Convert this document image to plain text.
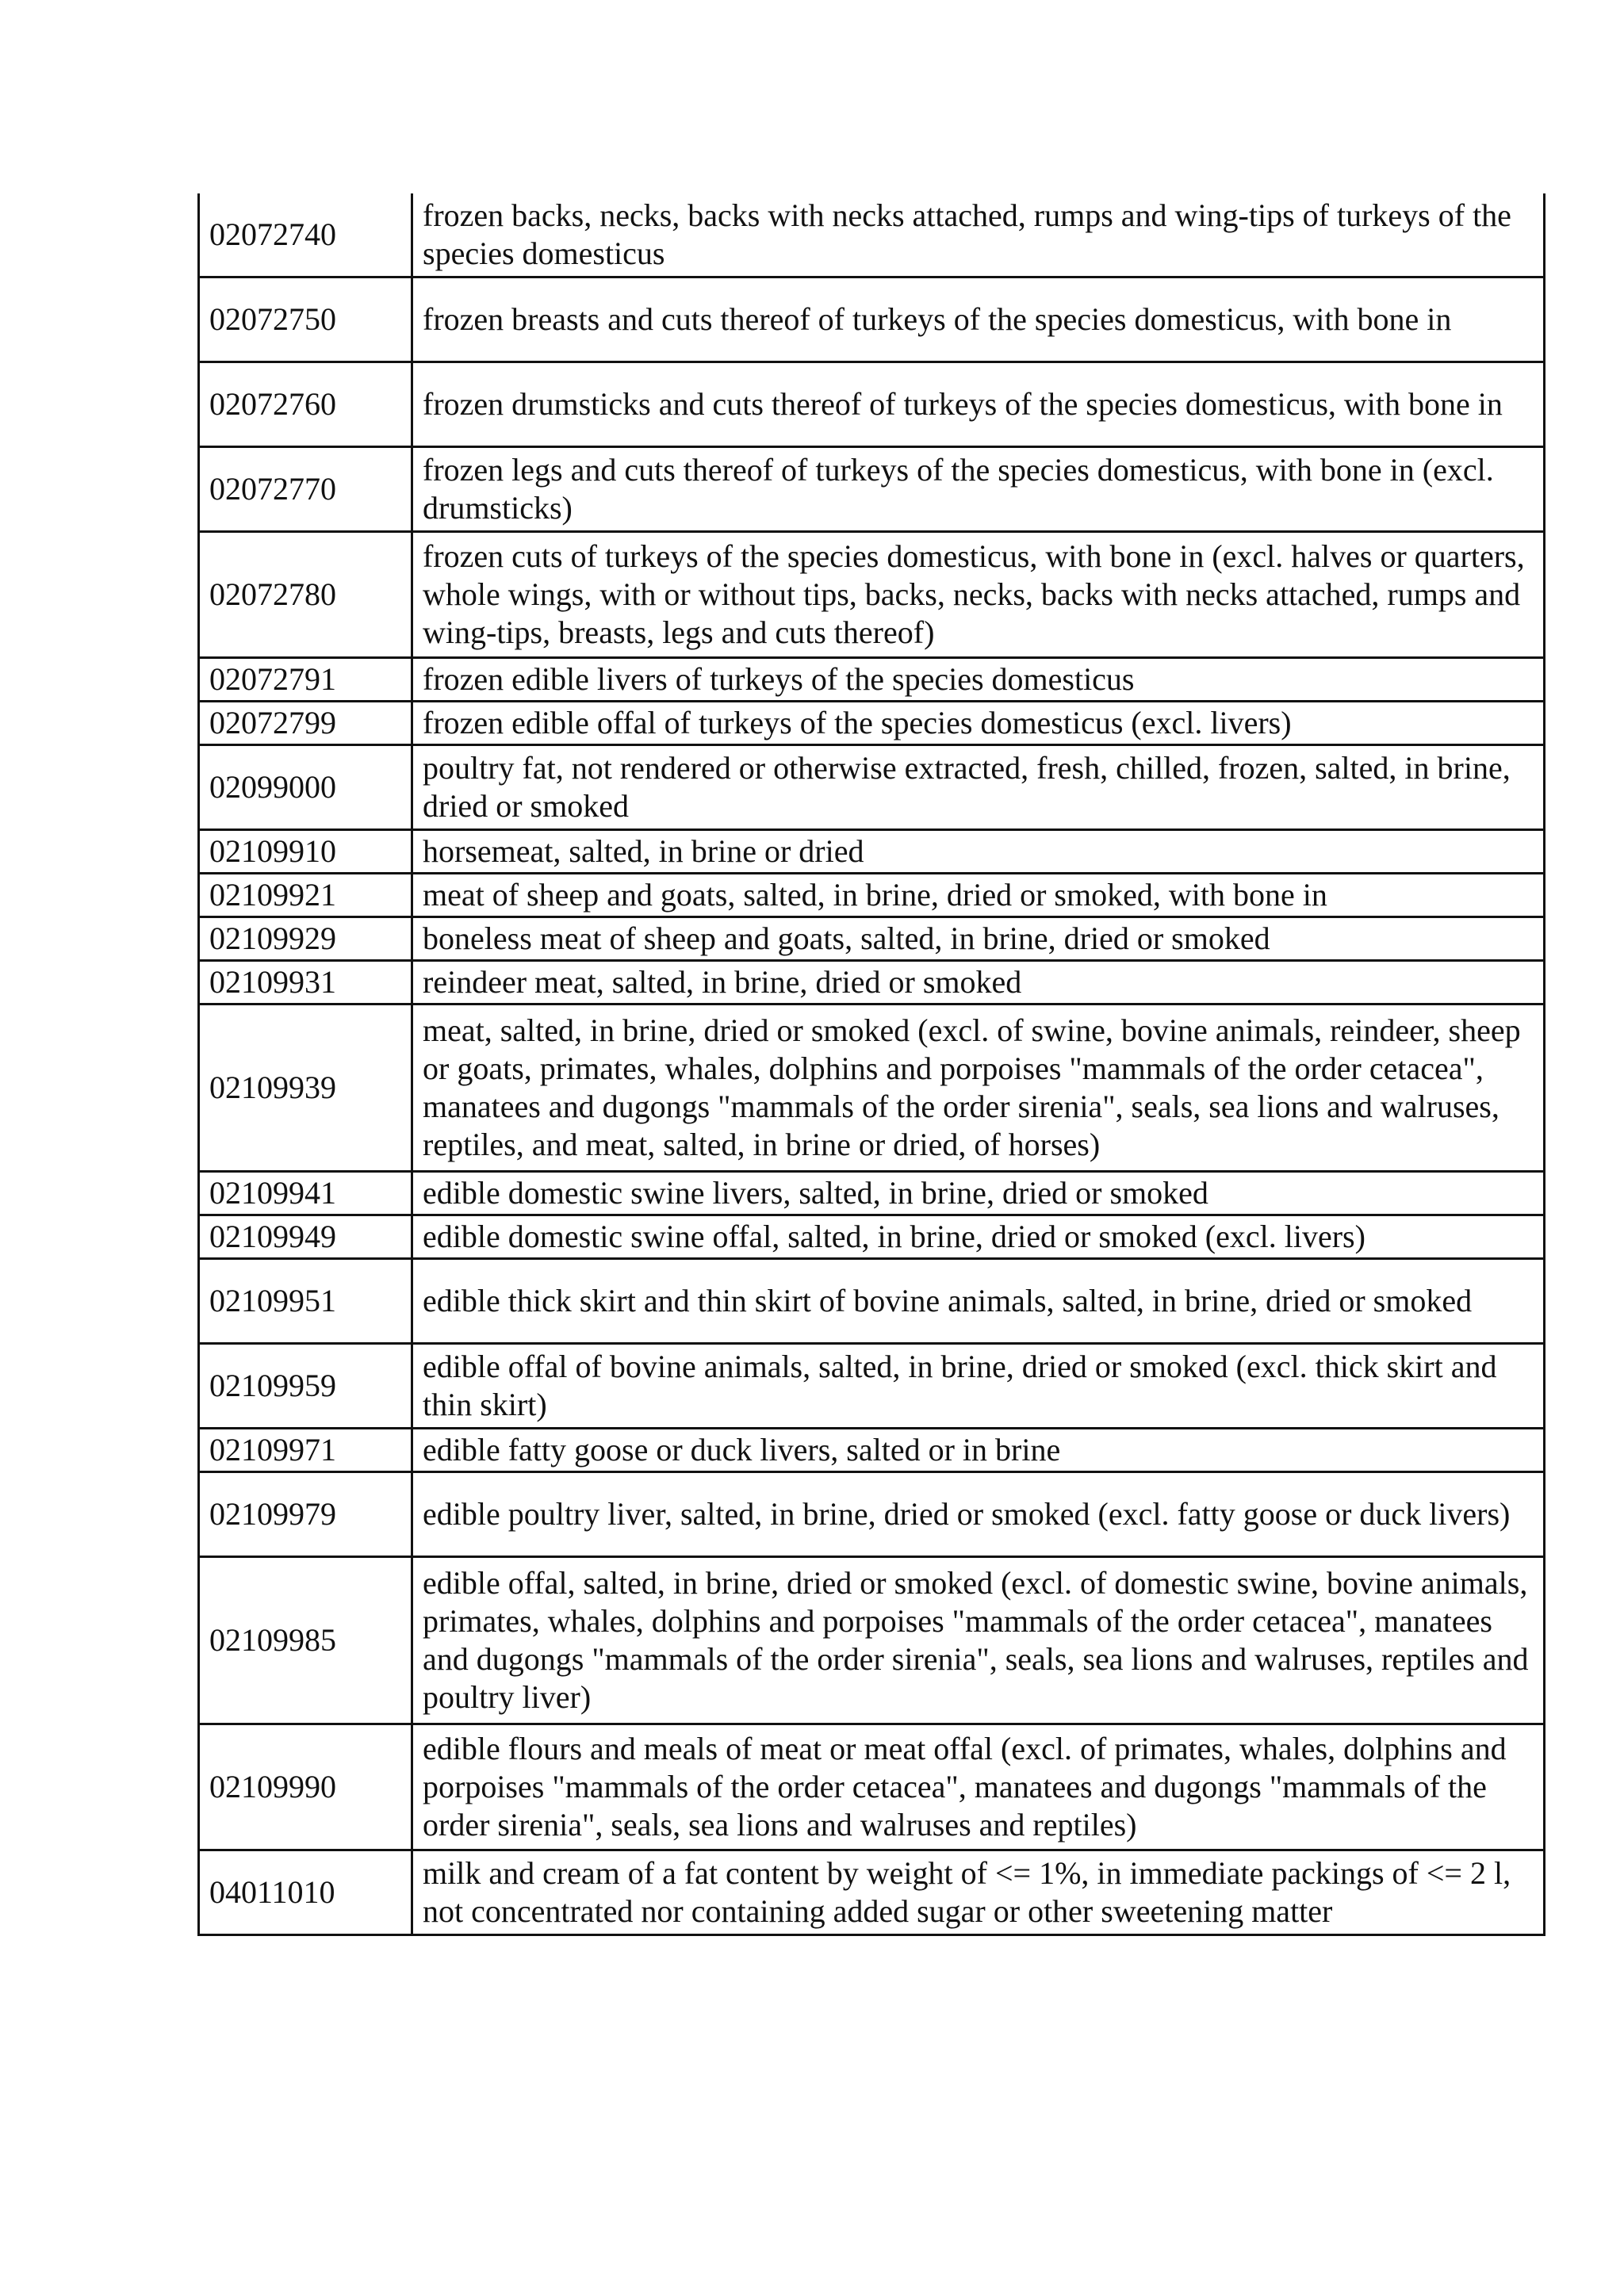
02072740	frozen backs, necks, backs with necks attached, rumps and wing-tips of turkeys of the species domesticus
02072750	frozen breasts and cuts thereof of turkeys of the species domesticus, with bone in
02072760	frozen drumsticks and cuts thereof of turkeys of the species domesticus, with bone in
02072770	frozen legs and cuts thereof of turkeys of the species domesticus, with bone in (excl. drumsticks)
02072780	frozen cuts of turkeys of the species domesticus, with bone in (excl. halves or quarters, whole wings, with or without tips, backs, necks, backs with necks attached, rumps and wing-tips, breasts, legs and cuts thereof)
02072791	frozen edible livers of turkeys of the species domesticus
02072799	frozen edible offal of turkeys of the species domesticus (excl. livers)
02099000	poultry fat, not rendered or otherwise extracted, fresh, chilled, frozen, salted, in brine, dried or smoked
02109910	horsemeat, salted, in brine or dried
02109921	meat of sheep and goats, salted, in brine, dried or smoked, with bone in
02109929	boneless meat of sheep and goats, salted, in brine, dried or smoked
02109931	reindeer meat, salted, in brine, dried or smoked
02109939	meat, salted, in brine, dried or smoked (excl. of swine, bovine animals, reindeer, sheep or goats, primates, whales, dolphins and porpoises "mammals of the order cetacea", manatees and dugongs "mammals of the order sirenia", seals, sea lions and walruses, reptiles, and meat, salted, in brine or dried, of horses)
02109941	edible domestic swine livers, salted, in brine, dried or smoked
02109949	edible domestic swine offal, salted, in brine, dried or smoked (excl. livers)
02109951	edible thick skirt and thin skirt of bovine animals, salted, in brine, dried or smoked
02109959	edible offal of bovine animals, salted, in brine, dried or smoked (excl. thick skirt and thin skirt)
02109971	edible fatty goose or duck livers, salted or in brine
02109979	edible poultry liver, salted, in brine, dried or smoked (excl. fatty goose or duck livers)
02109985	edible offal, salted, in brine, dried or smoked (excl. of domestic swine, bovine animals, primates, whales, dolphins and porpoises "mammals of the order cetacea", manatees and dugongs "mammals of the order sirenia", seals, sea lions and walruses, reptiles and poultry liver)
02109990	edible flours and meals of meat or meat offal (excl. of primates, whales, dolphins and porpoises "mammals of the order cetacea", manatees and dugongs "mammals of the order sirenia", seals, sea lions and walruses and reptiles)
04011010	milk and cream of a fat content by weight of <= 1%, in immediate packings of <= 2 l, not concentrated nor containing added sugar or other sweetening matter
